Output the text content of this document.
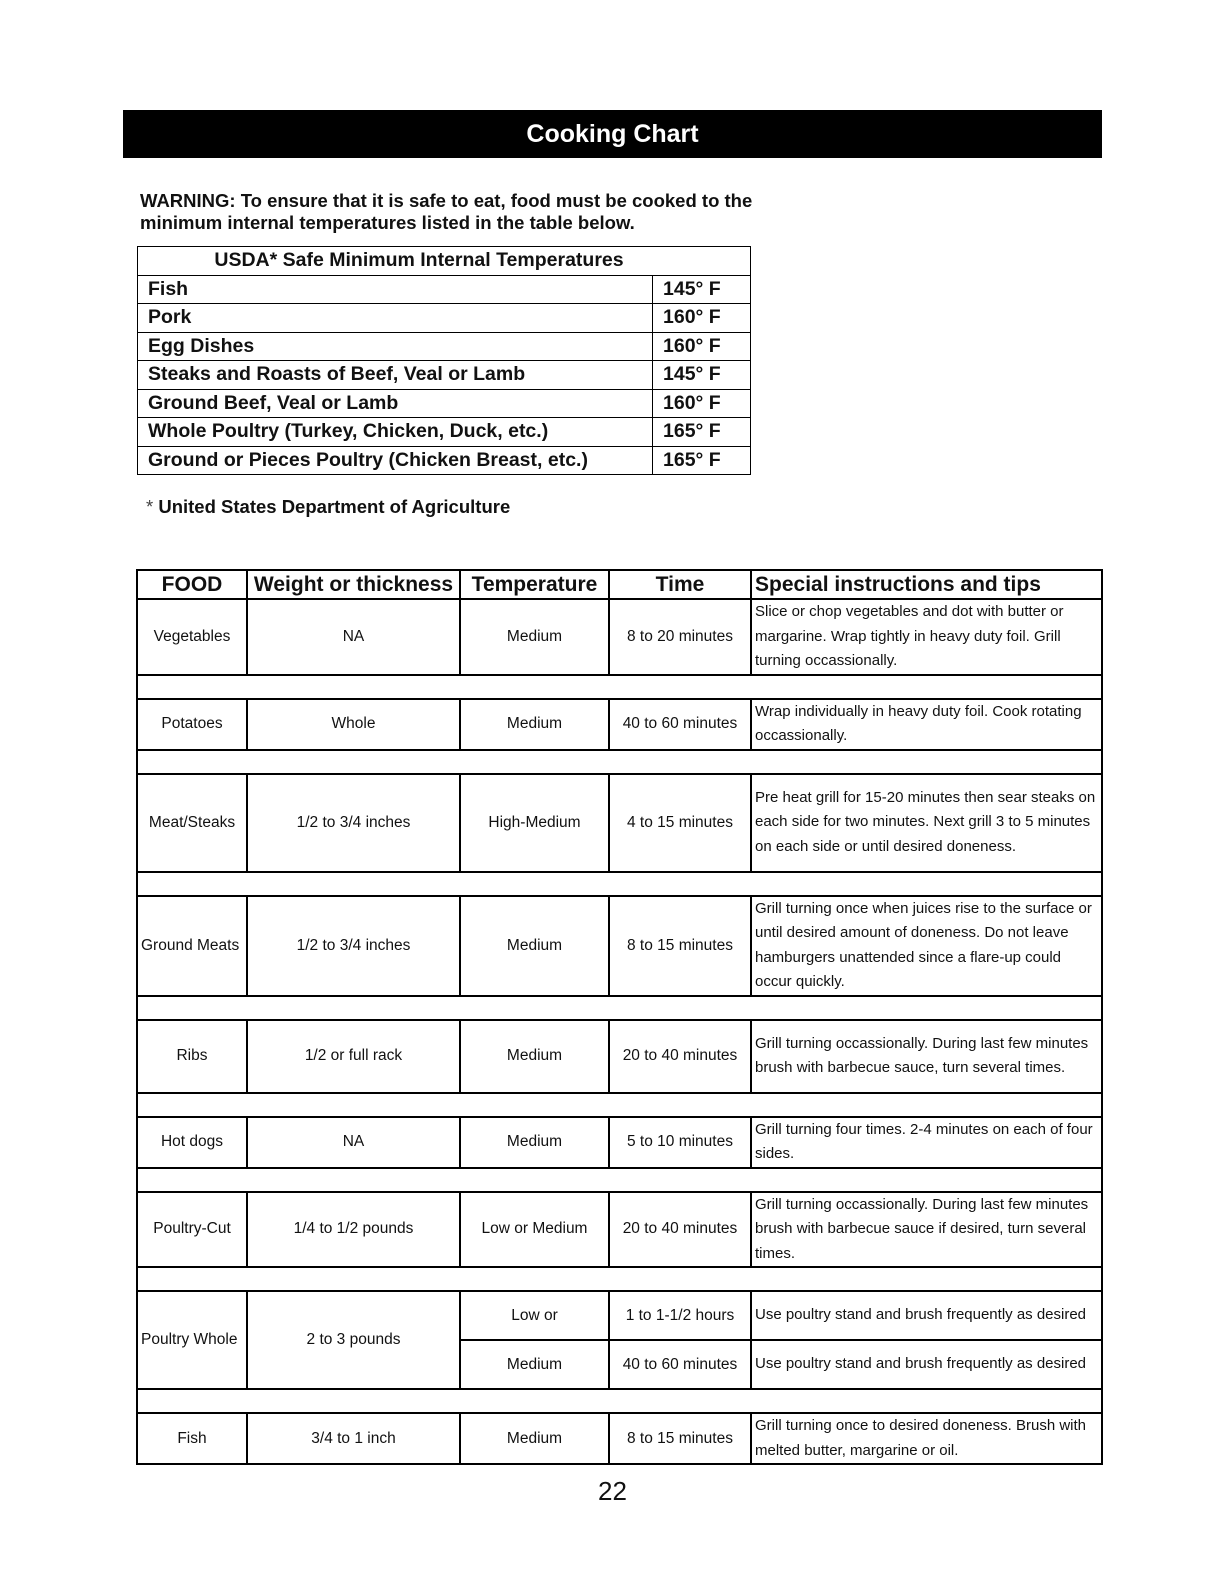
Cooking Chart
WARNING: To ensure that it is safe to eat, food must be cooked to the minimum internal temperatures listed in the table below.
USDA* Safe Minimum Internal Temperatures	
Fish	145° F
Pork	160° F
Egg Dishes	160° F
Steaks and Roasts of Beef, Veal or Lamb	145° F
Ground Beef, Veal or Lamb	160° F
Whole Poultry (Turkey, Chicken, Duck, etc.)	165° F
Ground or Pieces Poultry (Chicken Breast, etc.)	165° F
* United States Department of Agriculture
FOOD	Weight or thickness	Temperature	Time	Special instructions and tips
Vegetables	NA	Medium	8 to 20 minutes	Slice or chop vegetables and dot with butter or margarine. Wrap tightly in heavy duty foil. Grill turning occassionally.

Potatoes	Whole	Medium	40 to 60 minutes	Wrap individually in heavy duty foil. Cook rotating occassionally.

Meat/Steaks	1/2 to 3/4 inches	High-Medium	4 to 15 minutes	Pre heat grill for 15-20 minutes then sear steaks on each side for two minutes. Next grill 3 to 5 minutes on each side or until desired doneness.

Ground Meats	1/2 to 3/4 inches	Medium	8 to 15 minutes	Grill turning once when juices rise to the surface or until desired amount of doneness. Do not leave hamburgers unattended since a flare-up could occur quickly.

Ribs	1/2 or full rack	Medium	20 to 40 minutes	Grill turning occassionally. During last few minutes brush with barbecue sauce, turn several times.

Hot dogs	NA	Medium	5 to 10 minutes	Grill turning four times. 2-4 minutes on each of four sides.

Poultry-Cut	1/4 to 1/2 pounds	Low or Medium	20 to 40 minutes	Grill turning occassionally. During last few minutes brush with barbecue sauce if desired, turn several times.

Poultry Whole	2 to 3 pounds	Low or	1 to 1-1/2 hours	Use poultry stand and brush frequently as desired
		Medium	40 to 60 minutes	Use poultry stand and brush frequently as desired

Fish	3/4 to 1 inch	Medium	8 to 15 minutes	Grill turning once to desired doneness. Brush with melted butter, margarine or oil.
22
